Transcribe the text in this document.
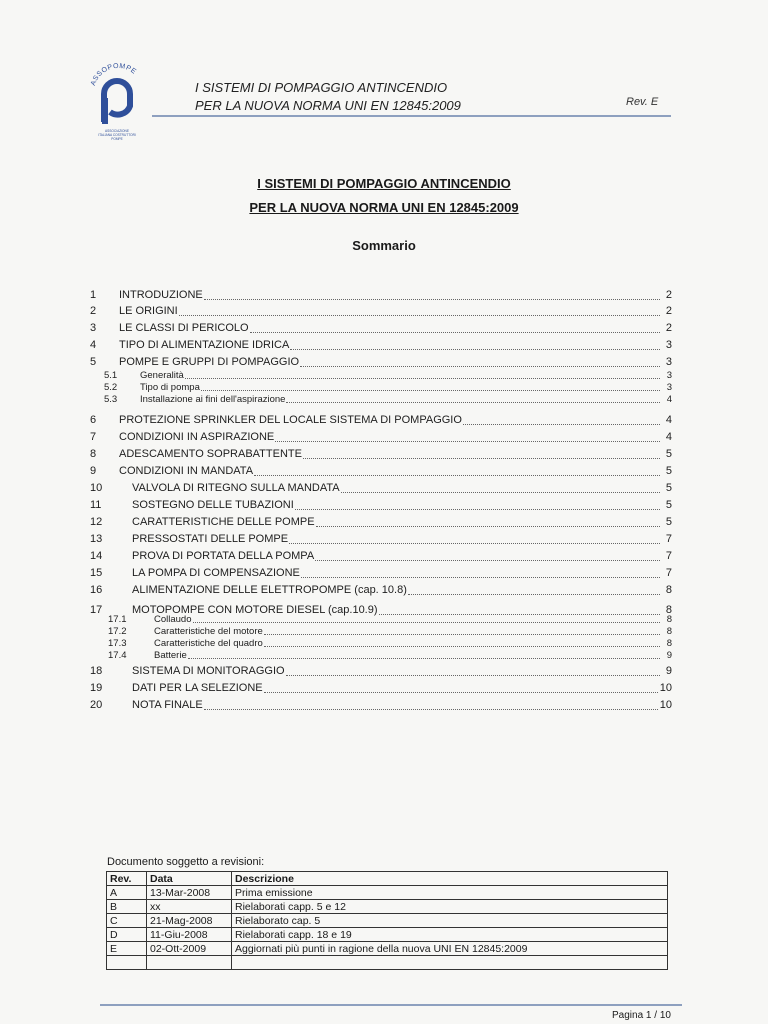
ASSOPOMPE
ASSOCIAZIONE
ITALIANA COSTRUTTORI
POMPE
I SISTEMI DI POMPAGGIO ANTINCENDIO
PER LA NUOVA NORMA UNI EN 12845:2009	Rev. E
I SISTEMI DI POMPAGGIO ANTINCENDIO
PER LA NUOVA NORMA UNI EN 12845:2009
Sommario
1	INTRODUZIONE	2
2	LE ORIGINI	2
3	LE CLASSI DI PERICOLO	2
4	TIPO DI ALIMENTAZIONE IDRICA	3
5	POMPE E GRUPPI DI POMPAGGIO	3
5.1	Generalità	3
5.2	Tipo di pompa	3
5.3	Installazione ai fini dell'aspirazione	4
6	PROTEZIONE SPRINKLER DEL LOCALE SISTEMA DI POMPAGGIO	4
7	CONDIZIONI IN ASPIRAZIONE	4
8	ADESCAMENTO SOPRABATTENTE	5
9	CONDIZIONI IN MANDATA	5
10	VALVOLA DI RITEGNO SULLA MANDATA	5
11	SOSTEGNO DELLE TUBAZIONI	5
12	CARATTERISTICHE DELLE POMPE	5
13	PRESSOSTATI DELLE POMPE	7
14	PROVA DI PORTATA DELLA POMPA	7
15	LA POMPA DI COMPENSAZIONE	7
16	ALIMENTAZIONE DELLE ELETTROPOMPE (cap. 10.8)	8
17	MOTOPOMPE CON MOTORE DIESEL (cap.10.9)	8
17.1	Collaudo	8
17.2	Caratteristiche del motore	8
17.3	Caratteristiche del quadro	8
17.4	Batterie	9
18	SISTEMA DI MONITORAGGIO	9
19	DATI PER LA SELEZIONE	10
20	NOTA FINALE	10
Documento soggetto a revisioni:
Rev.	Data	Descrizione
A	13-Mar-2008	Prima emissione
B	xx	Rielaborati capp. 5 e 12
C	21-Mag-2008	Rielaborato cap. 5
D	11-Giu-2008	Rielaborati capp. 18 e 19
E	02-Ott-2009	Aggiornati più punti in ragione della nuova UNI EN 12845:2009

Pagina 1 / 10
